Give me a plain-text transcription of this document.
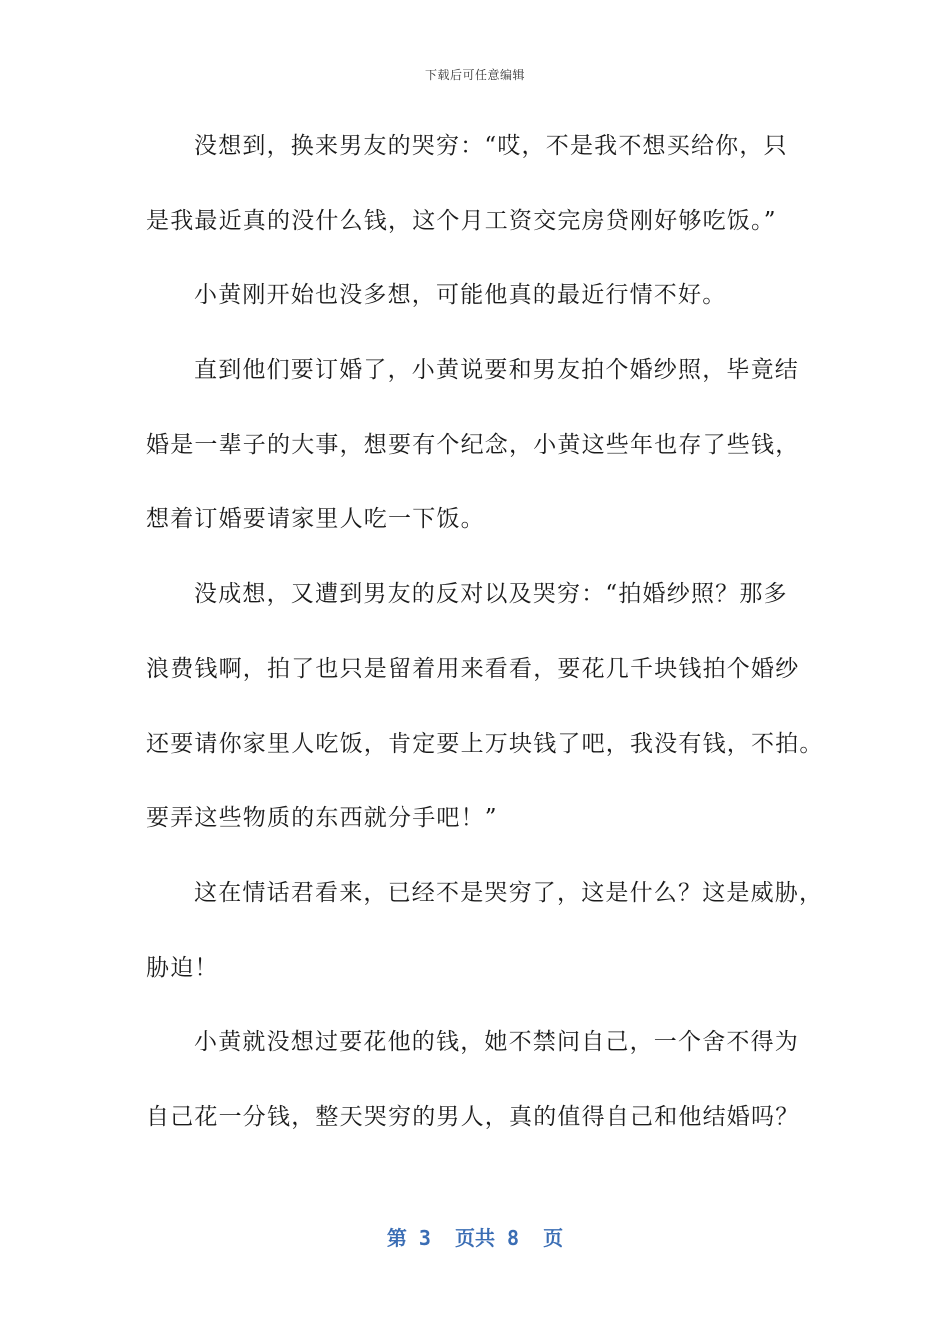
下载后可任意编辑
没想到，换来男友的哭穷：“哎，不是我不想买给你，只
是我最近真的没什么钱，这个月工资交完房贷刚好够吃饭。”
小黄刚开始也没多想，可能他真的最近行情不好。
直到他们要订婚了，小黄说要和男友拍个婚纱照，毕竟结
婚是一辈子的大事，想要有个纪念，小黄这些年也存了些钱，
想着订婚要请家里人吃一下饭。
没成想，又遭到男友的反对以及哭穷：“拍婚纱照？那多
浪费钱啊，拍了也只是留着用来看看，要花几千块钱拍个婚纱
还要请你家里人吃饭，肯定要上万块钱了吧，我没有钱，不拍。
要弄这些物质的东西就分手吧！”
这在情话君看来，已经不是哭穷了，这是什么？这是威胁，
胁迫！
小黄就没想过要花他的钱，她不禁问自己，一个舍不得为
自己花一分钱，整天哭穷的男人，真的值得自己和他结婚吗？
第 3  页共 8  页
